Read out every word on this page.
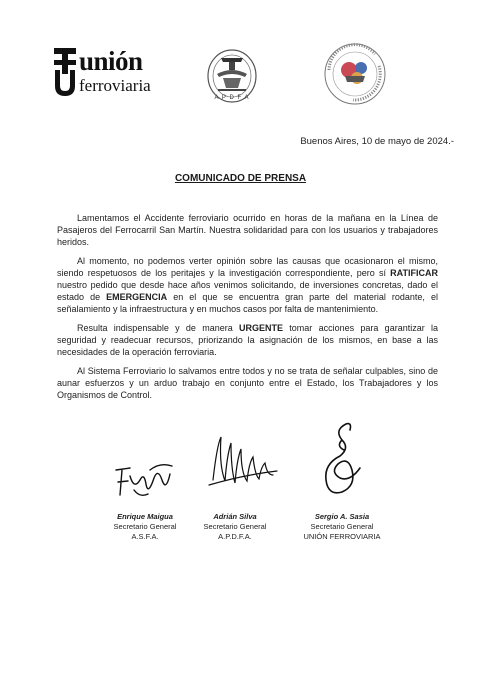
unión
ferroviaria
A P D F A
Buenos Aires, 10 de mayo de 2024.-
COMUNICADO DE PRENSA

Lamentamos el Accidente ferroviario ocurrido en horas de la mañana en la Línea de Pasajeros del Ferrocarril San Martín. Nuestra solidaridad para con los usuarios y trabajadores heridos.

Al momento, no podemos verter opinión sobre las causas que ocasionaron el mismo, siendo respetuosos de los peritajes y la investigación correspondiente, pero sí RATIFICAR nuestro pedido que desde hace años venimos solicitando, de inversiones concretas, dado el estado de EMERGENCIA en el que se encuentra gran parte del material rodante, el señalamiento y la infraestructura y en muchos casos por falta de mantenimiento.

Resulta indispensable y de manera URGENTE tomar acciones para garantizar la seguridad y readecuar recursos, priorizando la asignación de los mismos, en base a las necesidades de la operación ferroviaria.

Al Sistema Ferroviario lo salvamos entre todos y no se trata de señalar culpables, sino de aunar esfuerzos y un arduo trabajo en conjunto entre el Estado, los Trabajadores y los Organismos de Control.

Enrique Maigua
Secretario General
A.S.F.A.
Adrián Silva
Secretario General
A.P.D.F.A.
Sergio A. Sasia
Secretario General
UNIÓN FERROVIARIA
